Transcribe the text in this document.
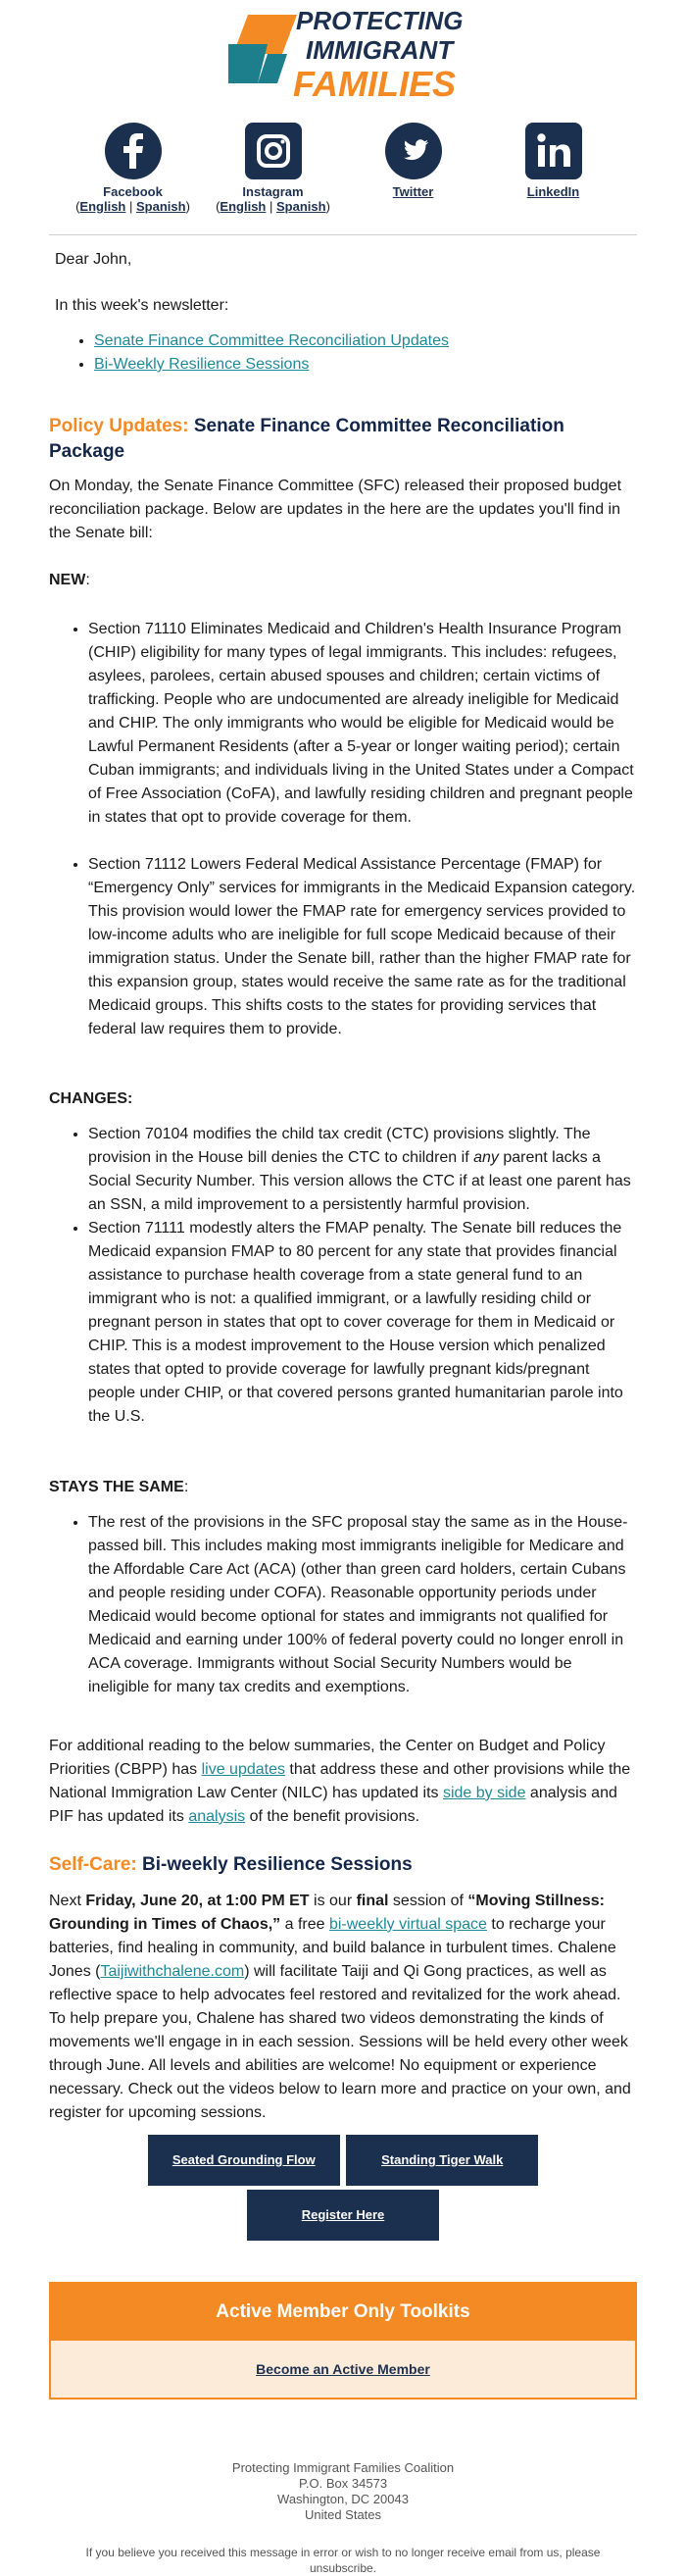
PROTECTING
IMMIGRANT
FAMILIES
Facebook
(English | Spanish)
Instagram
(English | Spanish)
Twitter	LinkedIn

Dear John,

In this week's newsletter:

• Senate Finance Committee Reconciliation Updates
• Bi-Weekly Resilience Sessions
Policy Updates: Senate Finance Committee Reconciliation Package

On Monday, the Senate Finance Committee (SFC) released their proposed budget reconciliation package. Below are updates in the here are the updates you'll find in the Senate bill:

NEW:

• Section 71110 Eliminates Medicaid and Children's Health Insurance Program (CHIP) eligibility for many types of legal immigrants. This includes: refugees, asylees, parolees, certain abused spouses and children; certain victims of trafficking. People who are undocumented are already ineligible for Medicaid and CHIP. The only immigrants who would be eligible for Medicaid would be Lawful Permanent Residents (after a 5-year or longer waiting period); certain Cuban immigrants; and individuals living in the United States under a Compact of Free Association (CoFA), and lawfully residing children and pregnant people in states that opt to provide coverage for them.
• Section 71112 Lowers Federal Medical Assistance Percentage (FMAP) for “Emergency Only” services for immigrants in the Medicaid Expansion category. This provision would lower the FMAP rate for emergency services provided to low-income adults who are ineligible for full scope Medicaid because of their immigration status. Under the Senate bill, rather than the higher FMAP rate for this expansion group, states would receive the same rate as for the traditional Medicaid groups. This shifts costs to the states for providing services that federal law requires them to provide.

CHANGES:

• Section 70104 modifies the child tax credit (CTC) provisions slightly. The provision in the House bill denies the CTC to children if any parent lacks a Social Security Number. This version allows the CTC if at least one parent has an SSN, a mild improvement to a persistently harmful provision.
• Section 71111 modestly alters the FMAP penalty. The Senate bill reduces the Medicaid expansion FMAP to 80 percent for any state that provides financial assistance to purchase health coverage from a state general fund to an immigrant who is not: a qualified immigrant, or a lawfully residing child or pregnant person in states that opt to cover coverage for them in Medicaid or CHIP. This is a modest improvement to the House version which penalized states that opted to provide coverage for lawfully pregnant kids/pregnant people under CHIP, or that covered persons granted humanitarian parole into the U.S.

STAYS THE SAME:

• The rest of the provisions in the SFC proposal stay the same as in the House-passed bill. This includes making most immigrants ineligible for Medicare and the Affordable Care Act (ACA) (other than green card holders, certain Cubans and people residing under COFA). Reasonable opportunity periods under Medicaid would become optional for states and immigrants not qualified for Medicaid and earning under 100% of federal poverty could no longer enroll in ACA coverage. Immigrants without Social Security Numbers would be ineligible for many tax credits and exemptions.

For additional reading to the below summaries, the Center on Budget and Policy Priorities (CBPP) has live updates that address these and other provisions while the National Immigration Law Center (NILC) has updated its side by side analysis and PIF has updated its analysis of the benefit provisions.

Self-Care: Bi-weekly Resilience Sessions

Next Friday, June 20, at 1:00 PM ET is our final session of “Moving Stillness: Grounding in Times of Chaos,” a free bi-weekly virtual space to recharge your batteries, find healing in community, and build balance in turbulent times. Chalene Jones (Taijiwithchalene.com) will facilitate Taiji and Qi Gong practices, as well as reflective space to help advocates feel restored and revitalized for the work ahead. To help prepare you, Chalene has shared two videos demonstrating the kinds of movements we'll engage in in each session. Sessions will be held every other week through June. All levels and abilities are welcome! No equipment or experience necessary. Check out the videos below to learn more and practice on your own, and register for upcoming sessions.

Seated Grounding Flow	Standing Tiger Walk
Register Here
Active Member Only Toolkits
Become an Active Member
Protecting Immigrant Families Coalition
P.O. Box 34573
Washington, DC 20043
United States
If you believe you received this message in error or wish to no longer receive email from us, please unsubscribe.
